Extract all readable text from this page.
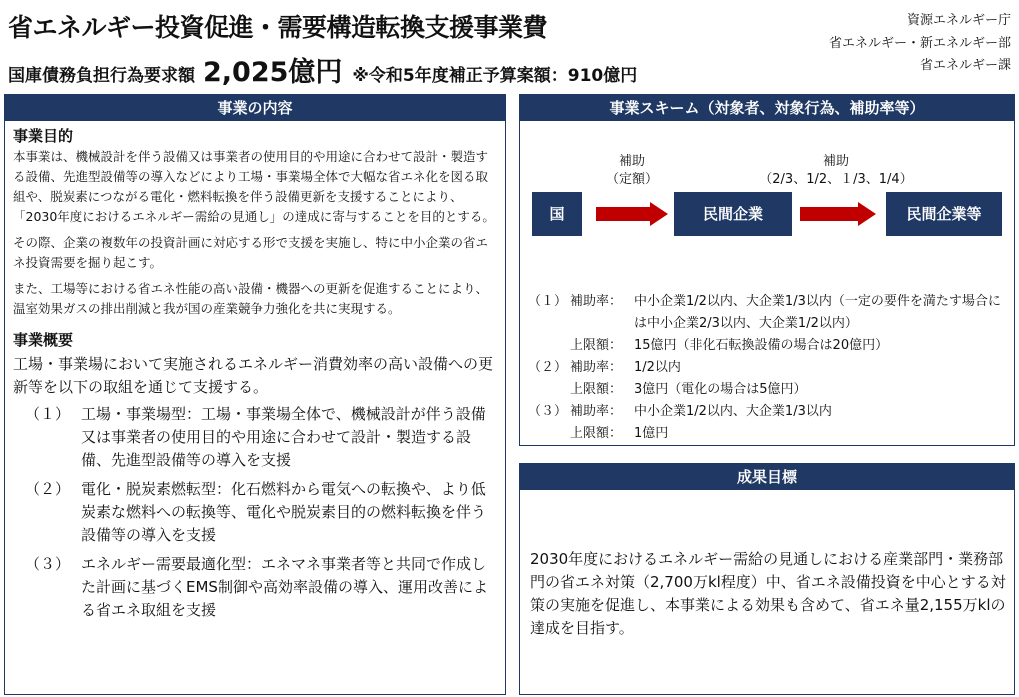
省エネルギー投資促進・需要構造転換支援事業費
国庫債務負担行為要求額 2,025億円 ※令和5年度補正予算案額：910億円
資源エネルギー庁
省エネルギー・新エネルギー部
省エネルギー課
事業の内容
事業目的

本事業は、機械設計を伴う設備又は事業者の使用目的や用途に合わせて設計・製造する設備、先進型設備等の導入などにより工場・事業場全体で大幅な省エネ化を図る取組や、脱炭素につながる電化・燃料転換を伴う設備更新を支援することにより、「2030年度におけるエネルギー需給の見通し」の達成に寄与することを目的とする。

その際、企業の複数年の投資計画に対応する形で支援を実施し、特に中小企業の省エネ投資需要を掘り起こす。

また、工場等における省エネ性能の高い設備・機器への更新を促進することにより、温室効果ガスの排出削減と我が国の産業競争力強化を共に実現する。

事業概要
工場・事業場において実施されるエネルギー消費効率の高い設備への更新等を以下の取組を通じて支援する。
（１） 工場・事業場型：工場・事業場全体で、機械設計が伴う設備又は事業者の使用目的や用途に合わせて設計・製造する設備、先進型設備等の導入を支援
（２） 電化・脱炭素燃転型：化石燃料から電気への転換や、より低炭素な燃料への転換等、電化や脱炭素目的の燃料転換を伴う設備等の導入を支援
（３） エネルギー需要最適化型：エネマネ事業者等と共同で作成した計画に基づくEMS制御や高効率設備の導入、運用改善による省エネ取組を支援
事業スキーム（対象者、対象行為、補助率等）
補助
（定額）
補助
（2/3、1/2、１/3、1/4）
国	民間企業	民間企業等
（１） 補助率： 中小企業1/2以内、大企業1/3以内（一定の要件を満たす場合には中小企業2/3以内、大企業1/2以内）
上限額： 15億円（非化石転換設備の場合は20億円）
（２） 補助率： 1/2以内
上限額： 3億円（電化の場合は5億円）
（３） 補助率： 中小企業1/2以内、大企業1/3以内
上限額： 1億円
成果目標
2030年度におけるエネルギー需給の見通しにおける産業部門・業務部門の省エネ対策（2,700万kl程度）中、省エネ設備投資を中心とする対策の実施を促進し、本事業による効果も含めて、省エネ量2,155万klの達成を目指す。
